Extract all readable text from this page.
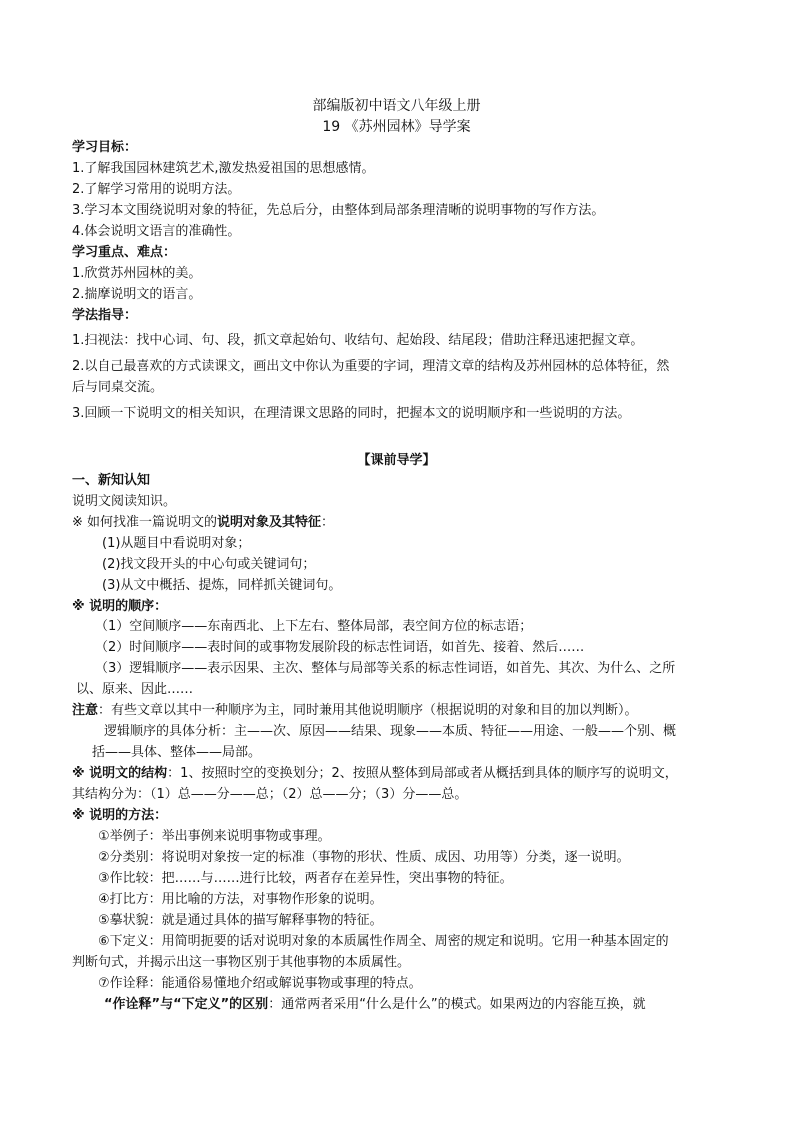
部编版初中语文八年级上册
19 《苏州园林》导学案
学习目标：
1.了解我国园林建筑艺术,激发热爱祖国的思想感情。
2.了解学习常用的说明方法。
3.学习本文围绕说明对象的特征，先总后分，由整体到局部条理清晰的说明事物的写作方法。
4.体会说明文语言的准确性。
学习重点、难点：
1.欣赏苏州园林的美。
2.揣摩说明文的语言。
学法指导：
1.扫视法：找中心词、句、段，抓文章起始句、收结句、起始段、结尾段；借助注释迅速把握文章。
2.以自己最喜欢的方式读课文，画出文中你认为重要的字词，理清文章的结构及苏州园林的总体特征，然
后与同桌交流。
3.回顾一下说明文的相关知识，在理清课文思路的同时，把握本文的说明顺序和一些说明的方法。
【课前导学】
一、新知认知
说明文阅读知识。
※ 如何找准一篇说明文的说明对象及其特征：
(1)从题目中看说明对象；
(2)找文段开头的中心句或关键词句；
(3)从文中概括、提炼，同样抓关键词句。
※ 说明的顺序：
（1）空间顺序——东南西北、上下左右、整体局部，表空间方位的标志语；
（2）时间顺序——表时间的或事物发展阶段的标志性词语，如首先、接着、然后……
（3）逻辑顺序——表示因果、主次、整体与局部等关系的标志性词语，如首先、其次、为什么、之所
以、原来、因此……
注意：有些文章以其中一种顺序为主，同时兼用其他说明顺序（根据说明的对象和目的加以判断）。
逻辑顺序的具体分析：主——次、原因——结果、现象——本质、特征——用途、一般——个别、概
括——具体、整体——局部。
※ 说明文的结构：1、按照时空的变换划分；2、按照从整体到局部或者从概括到具体的顺序写的说明文，
其结构分为：（1）总——分——总；（2）总——分；（3）分——总。
※ 说明的方法：
①举例子：举出事例来说明事物或事理。
②分类别：将说明对象按一定的标准（事物的形状、性质、成因、功用等）分类，逐一说明。
③作比较：把……与……进行比较，两者存在差异性，突出事物的特征。
④打比方：用比喻的方法，对事物作形象的说明。
⑤摹状貌：就是通过具体的描写解释事物的特征。
⑥下定义：用简明扼要的话对说明对象的本质属性作周全、周密的规定和说明。它用一种基本固定的
判断句式，并揭示出这一事物区别于其他事物的本质属性。
⑦作诠释：能通俗易懂地介绍或解说事物或事理的特点。
“作诠释”与“下定义”的区别：通常两者采用“什么是什么”的模式。如果两边的内容能互换，就
